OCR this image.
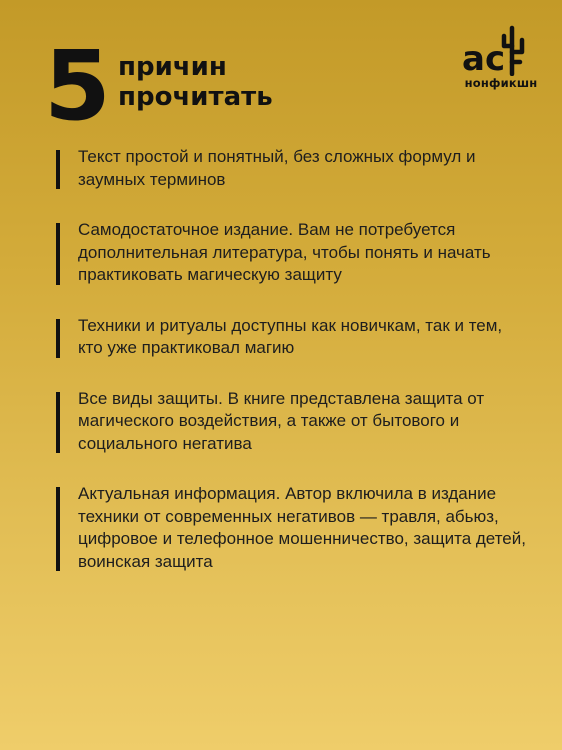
5 причин
прочитать
ас
нонфикшн
Текст простой и понятный, без сложных формул и заумных терминов
Самодостаточное издание. Вам не потребуется дополнительная литература, чтобы понять и начать практиковать магическую защиту
Техники и ритуалы доступны как новичкам, так и тем, кто уже практиковал магию
Все виды защиты. В книге представлена защита от магического воздействия, а также от бытового и социального негатива
Актуальная информация. Автор включила в издание техники от современных негативов — травля, абьюз, цифровое и телефонное мошенничество, защита детей, воинская защита
